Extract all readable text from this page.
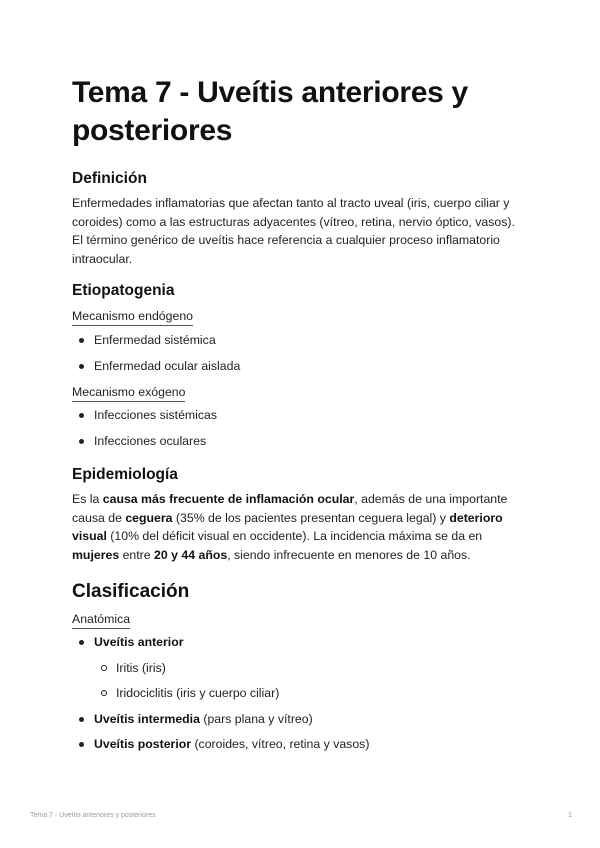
Tema 7 - Uveítis anteriores y posteriores
Definición

Enfermedades inflamatorias que afectan tanto al tracto uveal (iris, cuerpo ciliar y coroides) como a las estructuras adyacentes (vítreo, retina, nervio óptico, vasos). El término genérico de uveítis hace referencia a cualquier proceso inflamatorio intraocular.

Etiopatogenia
Mecanismo endógeno
Enfermedad sistémica
Enfermedad ocular aislada
Mecanismo exógeno
Infecciones sistémicas
Infecciones oculares
Epidemiología

Es la causa más frecuente de inflamación ocular, además de una importante causa de ceguera (35% de los pacientes presentan ceguera legal) y deterioro visual (10% del déficit visual en occidente). La incidencia máxima se da en mujeres entre 20 y 44 años, siendo infrecuente en menores de 10 años.

Clasificación
Anatómica
Uveítis anterior
Iritis (iris)
Iridociclitis (iris y cuerpo ciliar)
Uveítis intermedia (pars plana y vítreo)
Uveítis posterior (coroides, vítreo, retina y vasos)
Tema 7 - Uveítis anteriores y posteriores	1
